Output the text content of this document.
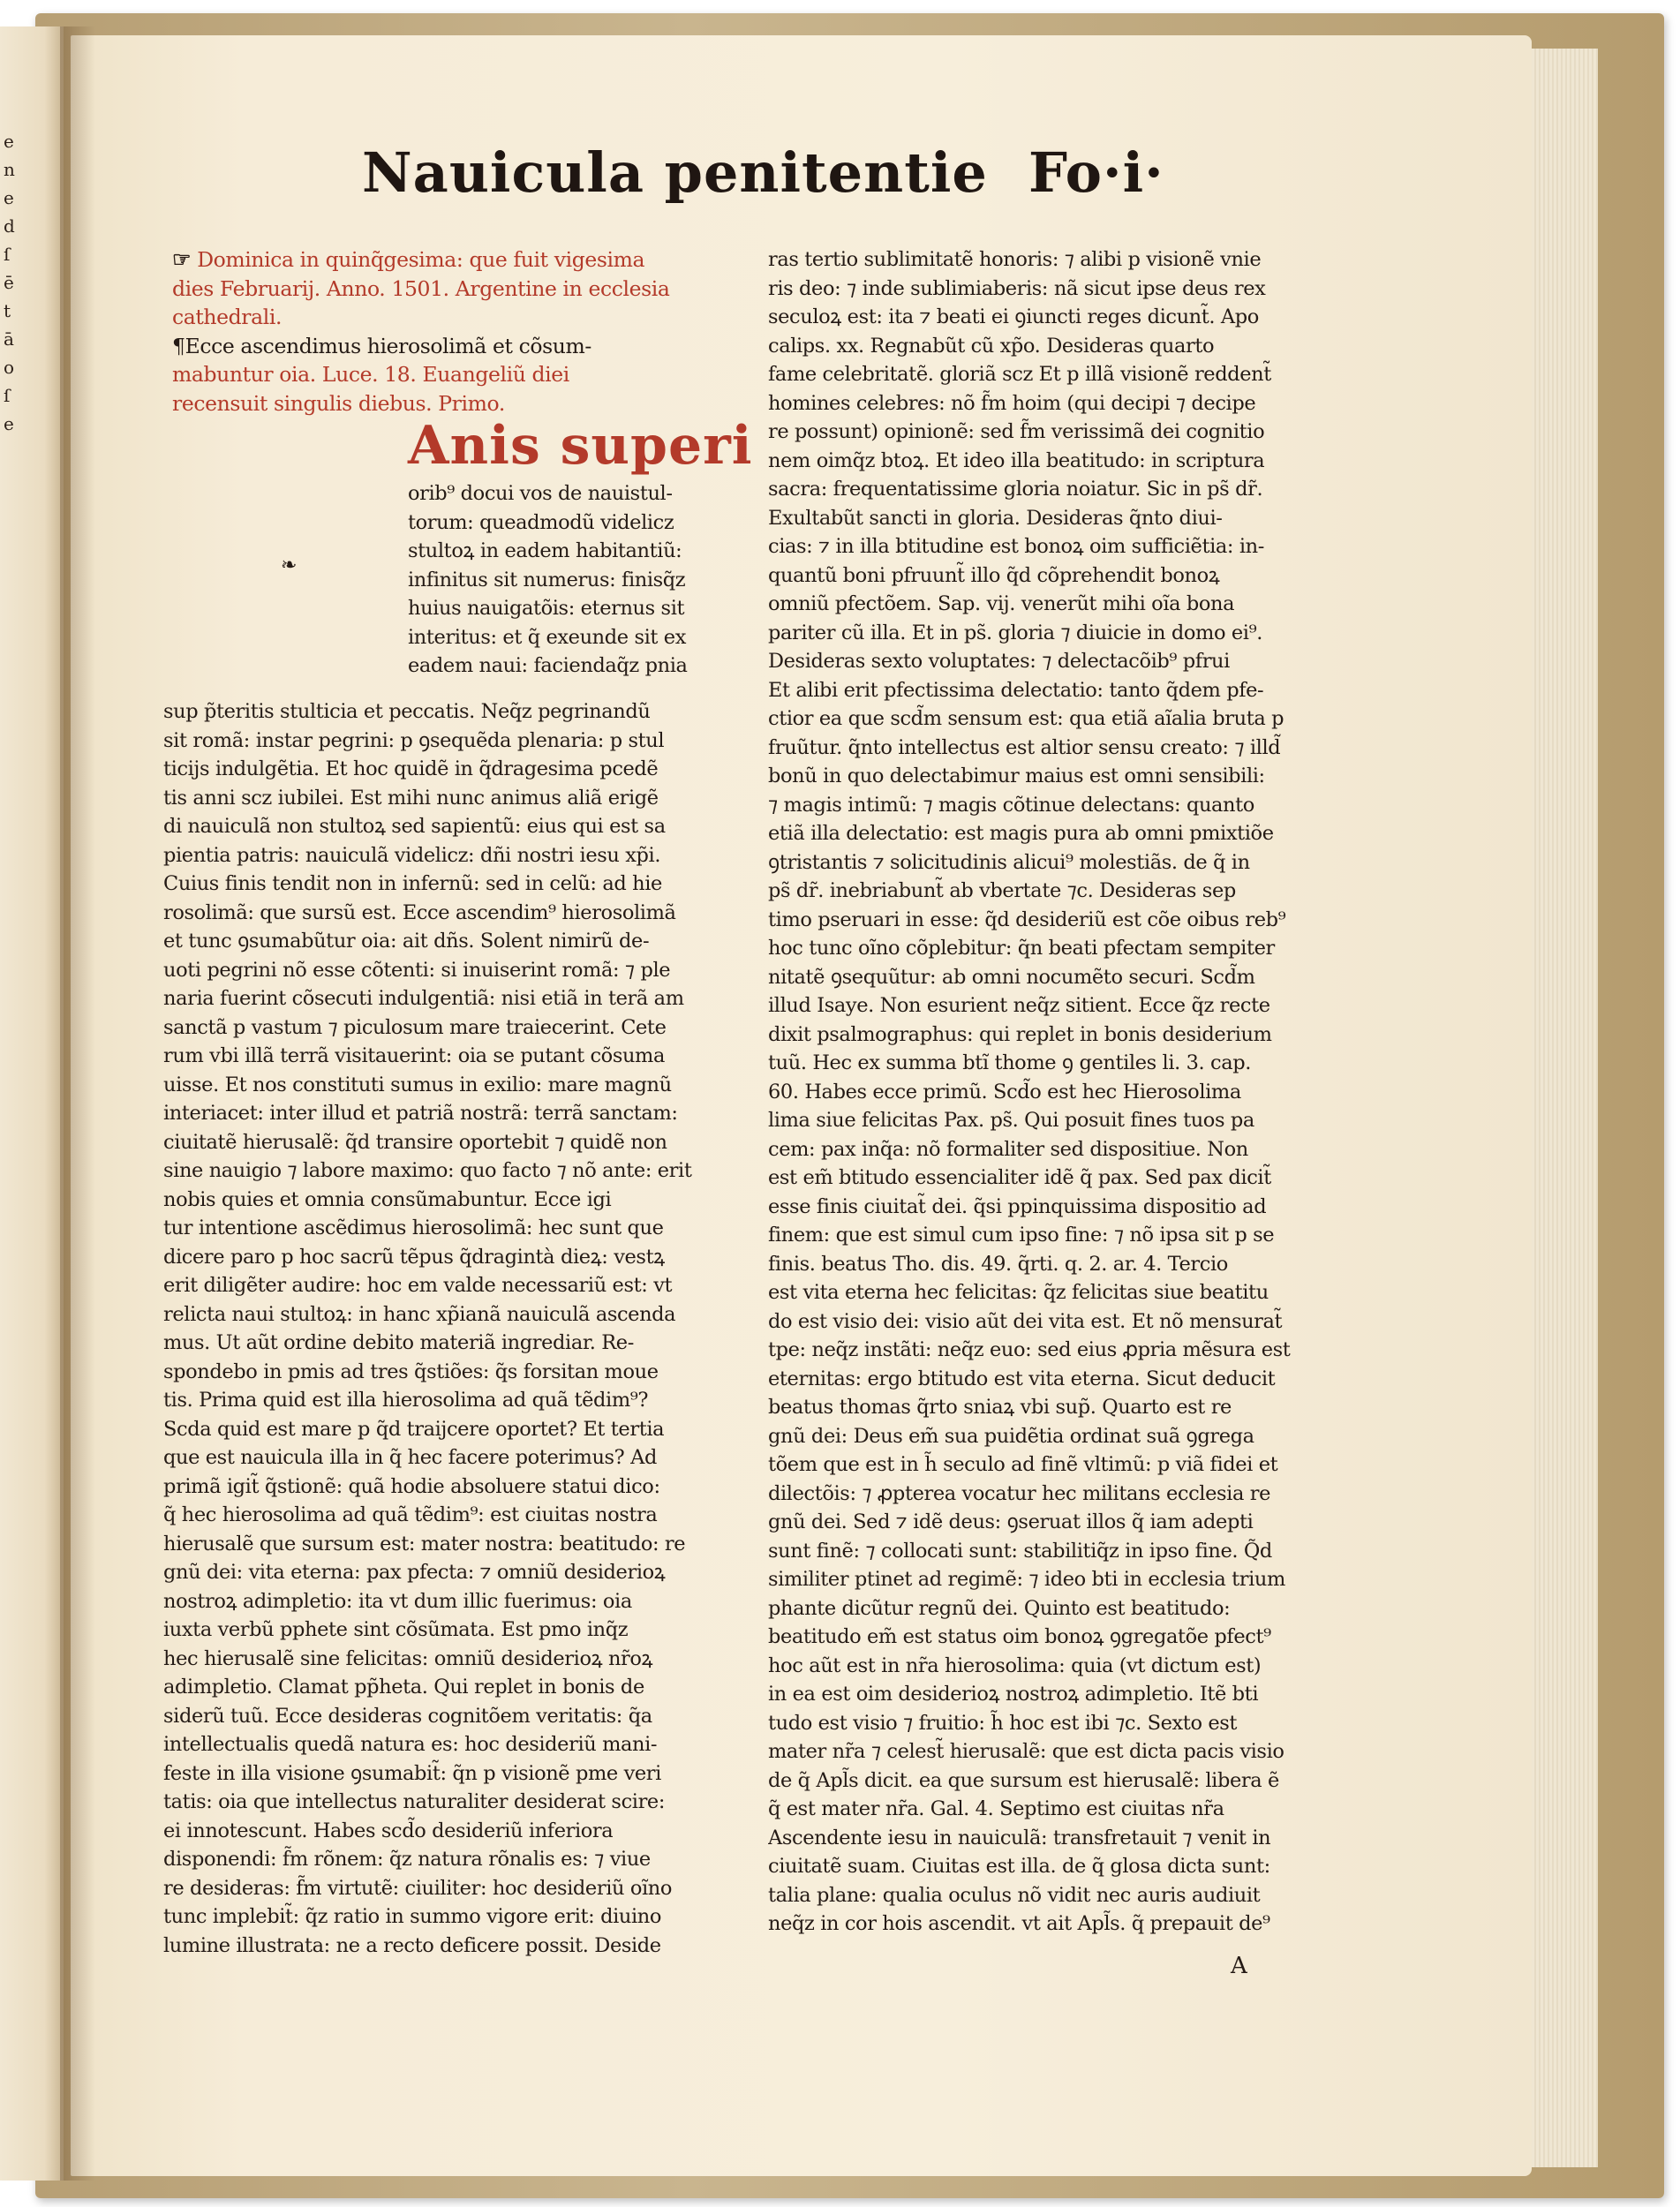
e
n
e
d
ſ
ē
t
ā
o
ſ
e
Nauicula penitentie Fo·i·
☞ Dominica in quinq̃gesima: que fuit vigesima
dies Februarij. Anno. 1501. Argentine in ecclesia
cathedrali.
¶Ecce ascendimus hierosolimã et cõsum-
mabuntur oia. Luce. 18. Euangeliũ diei
recensuit singulis diebus. Primo.
Anis superi
❧
orib⁹ docui vos de nauistul-
torum: queadmodũ videlicz
stultoꝝ in eadem habitantiũ:
infinitus sit numerus: finisq̃z
huius nauigatõis: eternus sit
interitus: et q̃ exeunde sit ex
eadem naui: faciendaq̃z pnia
sup p̃teritis stulticia et peccatis. Neq̃z pegrinandũ
sit romã: instar pegrini: p ꝯsequẽda plenaria: p stul
ticijs indulgẽtia. Et hoc quidẽ in q̃dragesima pcedẽ
tis anni scz iubilei. Est mihi nunc animus aliã erigẽ
di nauiculã non stultoꝝ sed sapientũ: eius qui est sa
pientia patris: nauiculã videlicz: dñi nostri iesu xp̃i.
Cuius finis tendit non in infernũ: sed in celũ: ad hie
rosolimã: que sursũ est. Ecce ascendim⁹ hierosolimã
et tunc ꝯsumabũtur oia: ait dñs. Solent nimirũ de-
uoti pegrini nõ esse cõtenti: si inuiserint romã: ⁊ ple
naria fuerint cõsecuti indulgentiã: nisi etiã in terã am
sanctã p vastum ⁊ piculosum mare traiecerint. Cete
rum vbi illã terrã visitauerint: oia se putant cõsuma
uisse. Et nos constituti sumus in exilio: mare magnũ
interiacet: inter illud et patriã nostrã: terrã sanctam:
ciuitatẽ hierusalẽ: q̃d transire oportebit ⁊ quidẽ non
sine nauigio ⁊ labore maximo: quo facto ⁊ nõ ante: erit
nobis quies et omnia consũmabuntur. Ecce igi
tur intentione ascẽdimus hierosolimã: hec sunt que
dicere paro p hoc sacrũ tẽpus q̃dragintà dieꝝ: vestꝝ
erit diligẽter audire: hoc em valde necessariũ est: vt
relicta naui stultoꝝ: in hanc xp̃ianã nauiculã ascenda
mus. Ut aũt ordine debito materiã ingrediar. Re-
spondebo in pmis ad tres q̃stiões: q̃s forsitan moue
tis. Prima quid est illa hierosolima ad quã tẽdim⁹?
Scda quid est mare p q̃d traijcere oportet? Et tertia
que est nauicula illa in q̃ hec facere poterimus? Ad
primã igit̃ q̃stionẽ: quã hodie absoluere statui dico:
q̃ hec hierosolima ad quã tẽdim⁹: est ciuitas nostra
hierusalẽ que sursum est: mater nostra: beatitudo: re
gnũ dei: vita eterna: pax pfecta: ⁊ omniũ desiderioꝝ
nostroꝝ adimpletio: ita vt dum illic fuerimus: oia
iuxta verbũ pphete sint cõsũmata. Est pmo inq̃z
hec hierusalẽ sine felicitas: omniũ desiderioꝝ nr̃oꝝ
adimpletio. Clamat pp̃heta. Qui replet in bonis de
siderũ tuũ. Ecce desideras cognitõem veritatis: q̃a
intellectualis quedã natura es: hoc desideriũ mani-
feste in illa visione ꝯsumabit̃: q̃n p visionẽ pme veri
tatis: oia que intellectus naturaliter desiderat scire:
ei innotescunt. Habes scd̃o desideriũ inferiora
disponendi: f̃m rõnem: q̃z natura rõnalis es: ⁊ viue
re desideras: f̃m virtutẽ: ciuiliter: hoc desideriũ oĩno
tunc implebit̃: q̃z ratio in summo vigore erit: diuino
lumine illustrata: ne a recto deficere possit. Deside
ras tertio sublimitatẽ honoris: ⁊ alibi p visionẽ vnie
ris deo: ⁊ inde sublimiaberis: nã sicut ipse deus rex
seculoꝝ est: ita ⁊ beati ei ꝯiuncti reges dicunt̃. Apo
calips. xx. Regnabũt cũ xp̃o. Desideras quarto
fame celebritatẽ. gloriã scz Et p illã visionẽ reddent̃
homines celebres: nõ f̃m hoim (qui decipi ⁊ decipe
re possunt) opinionẽ: sed f̃m verissimã dei cognitio
nem oimq̃z btoꝝ. Et ideo illa beatitudo: in scriptura
sacra: frequentatissime gloria noiatur. Sic in ps̃ dr̃.
Exultabũt sancti in gloria. Desideras q̃nto diui-
cias: ⁊ in illa btitudine est bonoꝝ oim sufficiẽtia: in-
quantũ boni pfruunt̃ illo q̃d cõprehendit bonoꝝ
omniũ pfectõem. Sap. vij. venerũt mihi oĩa bona
pariter cũ illa. Et in ps̃. gloria ⁊ diuicie in domo ei⁹.
Desideras sexto voluptates: ⁊ delectacõib⁹ pfrui
Et alibi erit pfectissima delectatio: tanto q̃dem pfe-
ctior ea que scd̃m sensum est: qua etiã aĩalia bruta p
fruũtur. q̃nto intellectus est altior sensu creato: ⁊ illd̃
bonũ in quo delectabimur maius est omni sensibili:
⁊ magis intimũ: ⁊ magis cõtinue delectans: quanto
etiã illa delectatio: est magis pura ab omni pmixtiõe
ꝯtristantis ⁊ solicitudinis alicui⁹ molestiãs. de q̃ in
ps̃ dr̃. inebriabunt̃ ab vbertate ⁊c. Desideras sep
timo pseruari in esse: q̃d desideriũ est cõe oibus reb⁹
hoc tunc oĩno cõplebitur: q̃n beati pfectam sempiter
nitatẽ ꝯsequũtur: ab omni nocumẽto securi. Scd̃m
illud Isaye. Non esurient neq̃z sitient. Ecce q̃z recte
dixit psalmographus: qui replet in bonis desiderium
tuũ. Hec ex summa btĩ thome ꝯ gentiles li. 3. cap.
60. Habes ecce primũ. Scd̃o est hec Hierosolima
lima siue felicitas Pax. ps̃. Qui posuit fines tuos pa
cem: pax inq̃a: nõ formaliter sed dispositiue. Non
est em̃ btitudo essencialiter idẽ q̃ pax. Sed pax dicit̃
esse finis ciuitat̃ dei. q̃si ppinquissima dispositio ad
finem: que est simul cum ipso fine: ⁊ nõ ipsa sit p se
finis. beatus Tho. dis. 49. q̃rti. q. 2. ar. 4. Tercio
est vita eterna hec felicitas: q̃z felicitas siue beatitu
do est visio dei: visio aũt dei vita est. Et nõ mensurat̃
tpe: neq̃z instãti: neq̃z euo: sed eius ꝓpria mẽsura est
eternitas: ergo btitudo est vita eterna. Sicut deducit
beatus thomas q̃rto sniaꝝ vbi sup̃. Quarto est re
gnũ dei: Deus em̃ sua puidẽtia ordinat suã ꝯgrega
tõem que est in h̃ seculo ad finẽ vltimũ: p viã fidei et
dilectõis: ⁊ ꝓpterea vocatur hec militans ecclesia re
gnũ dei. Sed ⁊ idẽ deus: ꝯseruat illos q̃ iam adepti
sunt finẽ: ⁊ collocati sunt: stabilitiq̃z in ipso fine. Q̃d
similiter ptinet ad regimẽ: ⁊ ideo bti in ecclesia trium
phante dicũtur regnũ dei. Quinto est beatitudo:
beatitudo em̃ est status oim bonoꝝ ꝯgregatõe pfect⁹
hoc aũt est in nr̃a hierosolima: quia (vt dictum est)
in ea est oim desiderioꝝ nostroꝝ adimpletio. Itẽ bti
tudo est visio ⁊ fruitio: h̃ hoc est ibi ⁊c. Sexto est
mater nr̃a ⁊ celest̃ hierusalẽ: que est dicta pacis visio
de q̃ Apl̃s dicit. ea que sursum est hierusalẽ: libera ẽ
q̃ est mater nr̃a. Gal. 4. Septimo est ciuitas nr̃a
Ascendente iesu in nauiculã: transfretauit ⁊ venit in
ciuitatẽ suam. Ciuitas est illa. de q̃ glosa dicta sunt:
talia plane: qualia oculus nõ vidit nec auris audiuit
neq̃z in cor hois ascendit. vt ait Apl̃s. q̃ prepauit de⁹
A
